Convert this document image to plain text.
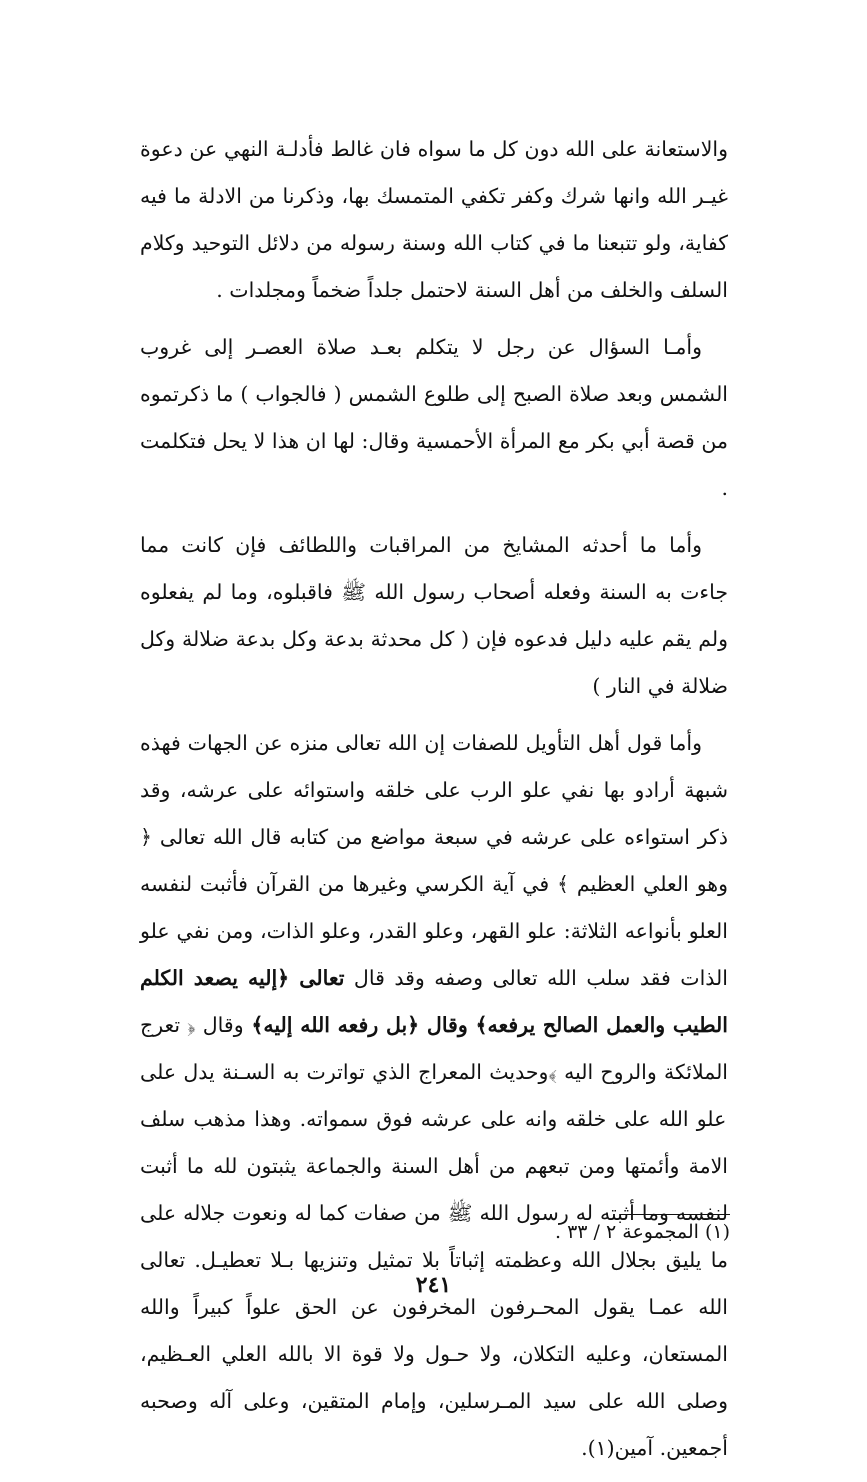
والاستعانة على الله دون كل ما سواه فان غالط فأدلـة النهي عن دعوة غيـر الله وانها شرك وكفر تكفي المتمسك بها، وذكرنا من الادلة ما فيه كفاية، ولو تتبعنا ما في كتاب الله وسنة رسوله من دلائل التوحيد وكلام السلف والخلف من أهل السنة لاحتمل جلداً ضخماً ومجلدات .

وأمـا السؤال عن رجل لا يتكلم بعـد صلاة العصـر إلى غروب الشمس وبعد صلاة الصبح إلى طلوع الشمس ( فالجواب ) ما ذكرتموه من قصة أبي بكر مع المرأة الأحمسية وقال: لها ان هذا لا يحل فتكلمت .

وأما ما أحدثه المشايخ من المراقبات واللطائف فإن كانت مما جاءت به السنة وفعله أصحاب رسول الله ﷺ فاقبلوه، وما لم يفعلوه ولم يقم عليه دليل فدعوه فإن ( كل محدثة بدعة وكل بدعة ضلالة وكل ضلالة في النار )

وأما قول أهل التأويل للصفات إن الله تعالى منزه عن الجهات فهذه شبهة أرادو بها نفي علو الرب على خلقه واستوائه على عرشه، وقد ذكر استواءه على عرشه في سبعة مواضع من كتابه قال الله تعالى ﴿ وهو العلي العظيم ﴾ في آية الكرسي وغيرها من القرآن فأثبت لنفسه العلو بأنواعه الثلاثة: علو القهر، وعلو القدر، وعلو الذات، ومن نفي علو الذات فقد سلب الله تعالى وصفه وقد قال تعالى ﴿إليه يصعد الكلم الطيب والعمل الصالح يرفعه﴾ وقال ﴿بل رفعه الله إليه﴾ وقال ﴿ تعرج الملائكة والروح اليه ﴾وحديث المعراج الذي تواترت به السـنة يدل على علو الله على خلقه وانه على عرشه فوق سمواته. وهذا مذهب سلف الامة وأئمتها ومن تبعهم من أهل السنة والجماعة يثبتون لله ما أثبت لنفسه وما أثبته له رسول الله ﷺ من صفات كما له ونعوت جلاله على ما يليق بجلال الله وعظمته إثباتاً بلا تمثيل وتنزيها بـلا تعطيـل. تعالى الله عمـا يقول المحـرفون المخرفون عن الحق علواً كبيراً والله المستعان، وعليه التكلان، ولا حـول ولا قوة الا بالله العلي العـظيم، وصلى الله على سيد المـرسلين، وإمام المتقين، وعلى آله وصحبه أجمعين. آمين(١).

(١) المجموعة ٢ / ٣٣ .
٢٤١
